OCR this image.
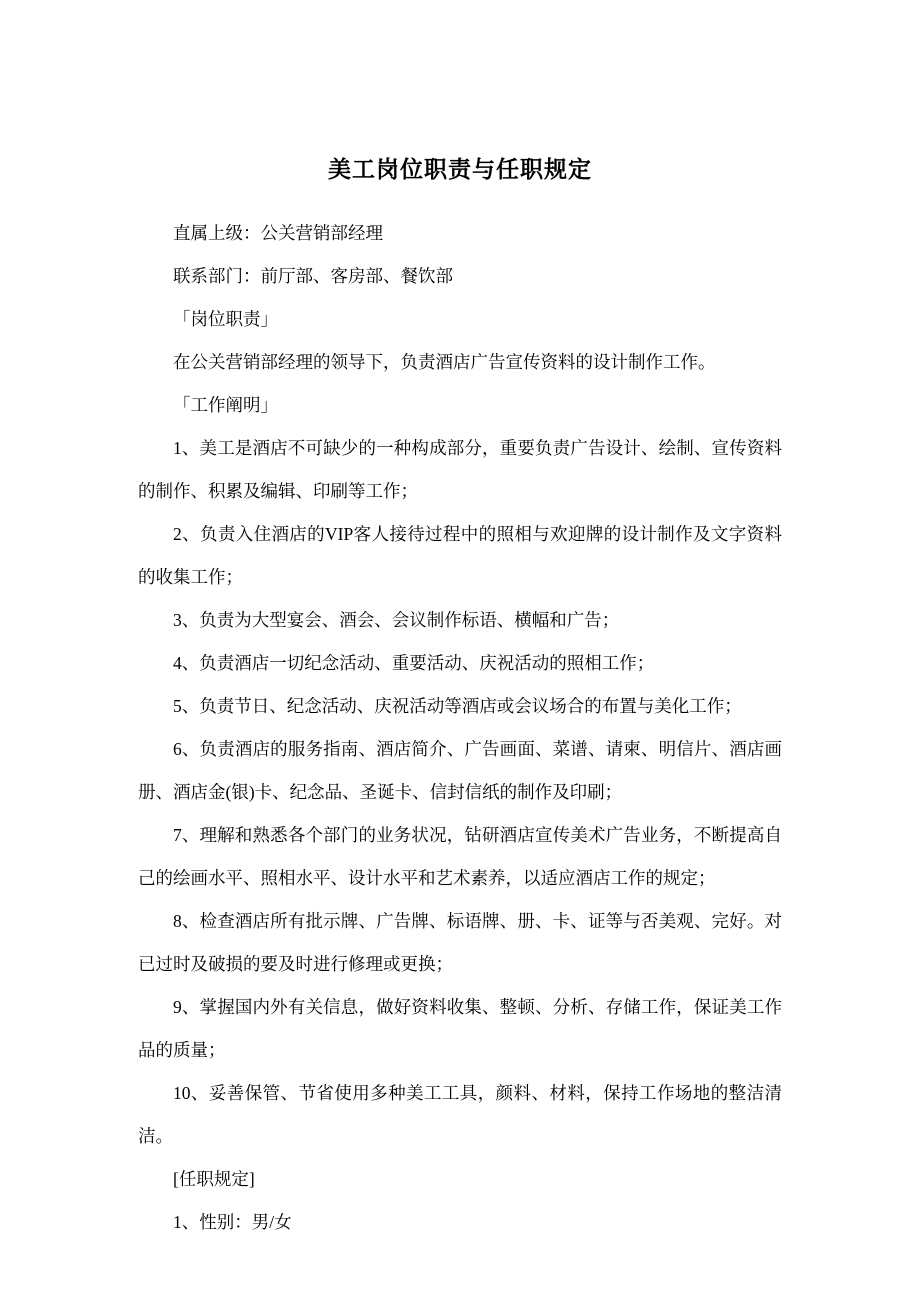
美工岗位职责与任职规定

直属上级：公关营销部经理

联系部门：前厅部、客房部、餐饮部

「岗位职责」

在公关营销部经理的领导下，负责酒店广告宣传资料的设计制作工作。

「工作阐明」

1、美工是酒店不可缺少的一种构成部分，重要负责广告设计、绘制、宣传资料的制作、积累及编辑、印刷等工作；

2、负责入住酒店的VIP客人接待过程中的照相与欢迎牌的设计制作及文字资料的收集工作；

3、负责为大型宴会、酒会、会议制作标语、横幅和广告；

4、负责酒店一切纪念活动、重要活动、庆祝活动的照相工作；

5、负责节日、纪念活动、庆祝活动等酒店或会议场合的布置与美化工作；

6、负责酒店的服务指南、酒店简介、广告画面、菜谱、请柬、明信片、酒店画册、酒店金(银)卡、纪念品、圣诞卡、信封信纸的制作及印刷；

7、理解和熟悉各个部门的业务状况，钻研酒店宣传美术广告业务，不断提高自己的绘画水平、照相水平、设计水平和艺术素养，以适应酒店工作的规定；

8、检查酒店所有批示牌、广告牌、标语牌、册、卡、证等与否美观、完好。对已过时及破损的要及时进行修理或更换；

9、掌握国内外有关信息，做好资料收集、整顿、分析、存储工作，保证美工作品的质量；

10、妥善保管、节省使用多种美工工具，颜料、材料，保持工作场地的整洁清洁。

[任职规定]

1、性别：男/女
